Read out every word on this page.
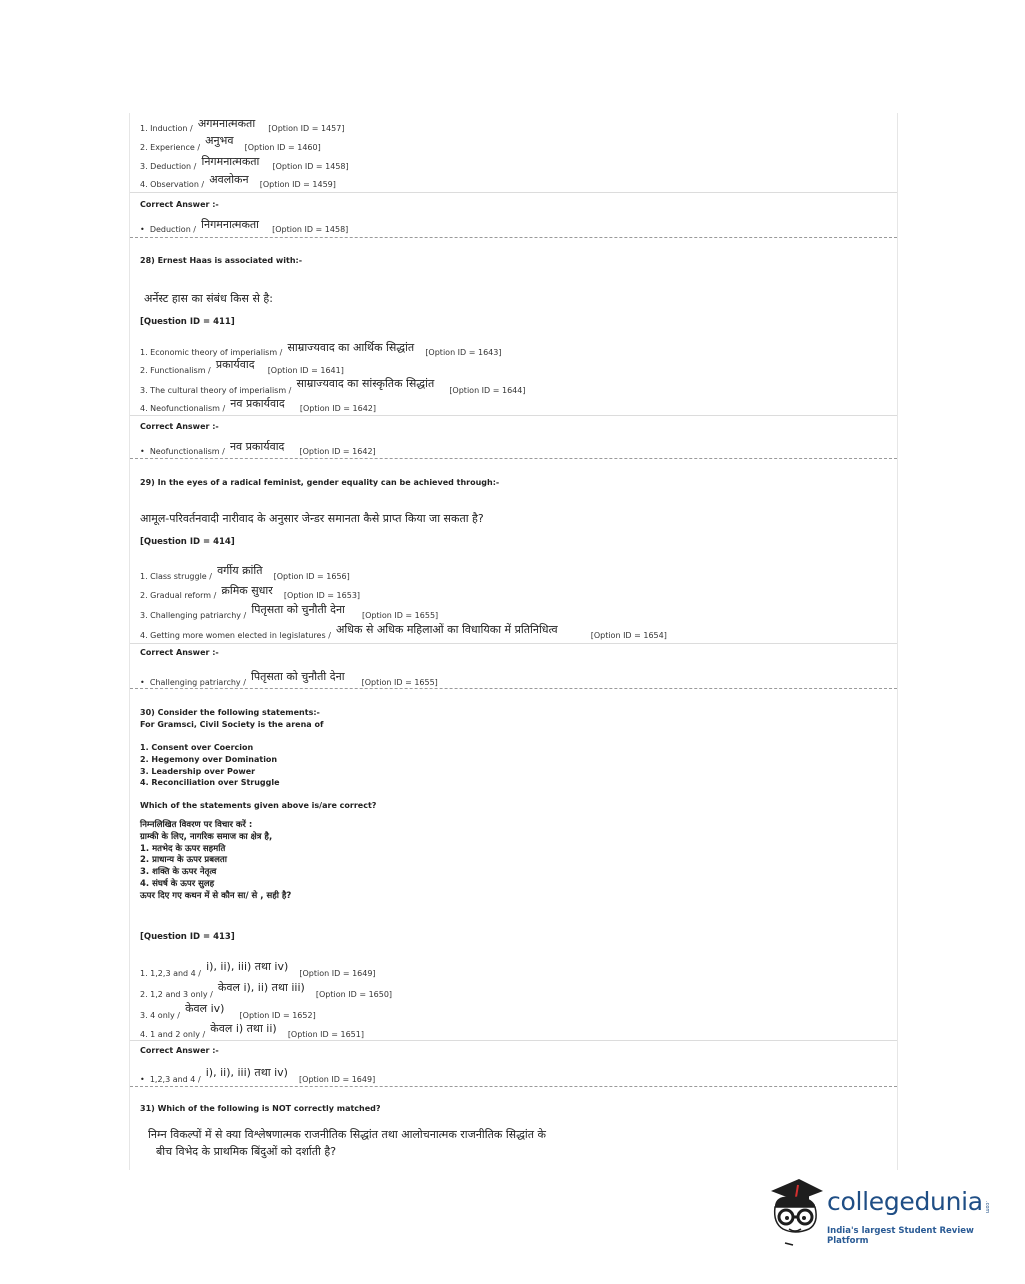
1. Induction / $^{अगमनात्मकता}$ [Option ID = 1457]
2. Experience / $^{अनुभव}$ [Option ID = 1460]
3. Deduction / $^{निगमनात्मकता}$ [Option ID = 1458]
4. Observation / $^{अवलोकन}$ [Option ID = 1459]
Correct Answer :-
• Deduction / $^{निगमनात्मकता}$ [Option ID = 1458]
28) Ernest Haas is associated with:-
अर्नेस्ट हास का संबंध किस से है:
[Question ID = 411]
1. Economic theory of imperialism / $^{साम्राज्यवाद का आर्थिक सिद्धांत}$ [Option ID = 1643]
2. Functionalism / $^{प्रकार्यवाद}$ [Option ID = 1641]
3. The cultural theory of imperialism / $^{साम्राज्यवाद का सांस्कृतिक सिद्धांत}$ [Option ID = 1644]
4. Neofunctionalism / $^{नव प्रकार्यवाद}$ [Option ID = 1642]
Correct Answer :-
• Neofunctionalism / $^{नव प्रकार्यवाद}$ [Option ID = 1642]
29) In the eyes of a radical feminist, gender equality can be achieved through:-
आमूल-परिवर्तनवादी नारीवाद के अनुसार जेन्डर समानता कैसे प्राप्त किया जा सकता है?
[Question ID = 414]
1. Class struggle / $^{वर्गीय क्रांति}$ [Option ID = 1656]
2. Gradual reform / $^{क्रमिक सुधार}$ [Option ID = 1653]
3. Challenging patriarchy / $^{पितृसता को चुनौती देना}$ [Option ID = 1655]
4. Getting more women elected in legislatures / $^{अधिक से अधिक महिलाओं का विधायिका में प्रतिनिधित्व}$	[Option ID = 1654]
Correct Answer :-
• Challenging patriarchy / $^{पितृसता को चुनौती देना}$ [Option ID = 1655]
30) Consider the following statements:-
For Gramsci, Civil Society is the arena of
1. Consent over Coercion
2. Hegemony over Domination
3. Leadership over Power
4. Reconciliation over Struggle
Which of the statements given above is/are correct?
निम्नलिखित विवरण पर विचार करें :
ग्राम्की के लिए, नागरिक समाज का क्षेत्र है,
1. मतभेद के ऊपर सहमति
2. प्राधान्य के ऊपर प्रबलता
3. शक्ति के ऊपर नेतृत्व
4. संघर्ष के ऊपर सुलह
ऊपर दिए गए कथन में से कौन सा/ से , सही है?
[Question ID = 413]
1. 1,2,3 and 4 / $^{i), ii), iii) तथा iv)}$ [Option ID = 1649]
2. 1,2 and 3 only / $^{केवल i), ii) तथा iii)}$ [Option ID = 1650]
3. 4 only / $^{केवल iv)}$ [Option ID = 1652]
4. 1 and 2 only / $^{केवल i) तथा ii)}$ [Option ID = 1651]
Correct Answer :-
• 1,2,3 and 4 / $^{i), ii), iii) तथा iv)}$ [Option ID = 1649]
31) Which of the following is NOT correctly matched?
निम्न विकल्पों में से क्या विश्लेषणात्मक राजनीतिक सिद्धांत तथा आलोचनात्मक राजनीतिक सिद्धांत के
बीच विभेद के प्राथमिक बिंदुओं को दर्शाती है?
collegedunia .com
India's largest Student Review Platform
